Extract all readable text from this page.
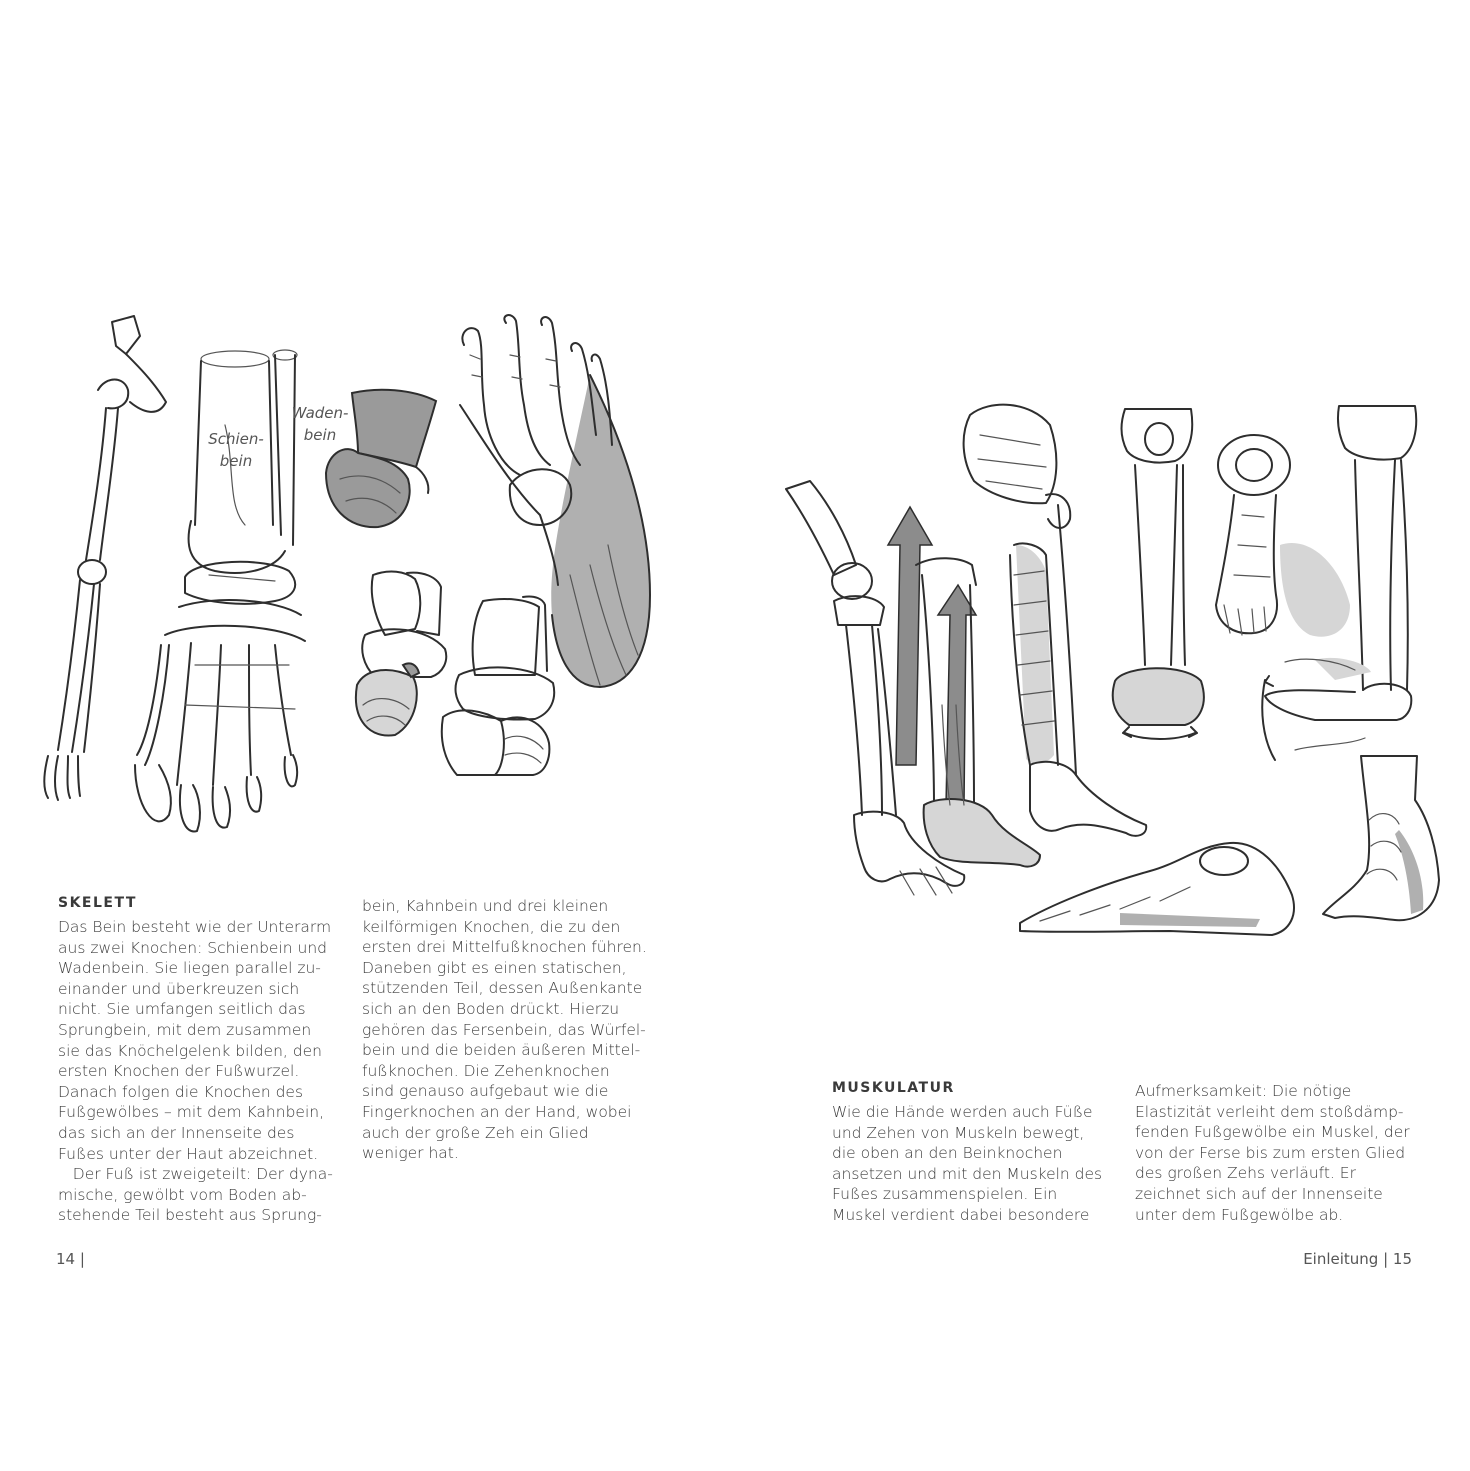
Schien-
bein

Waden-
bein

SKELETT
Das Bein besteht wie der Unterarm
aus zwei Knochen: Schienbein und
Wadenbein. Sie liegen parallel zu-
einander und überkreuzen sich
nicht. Sie umfangen seitlich das
Sprungbein, mit dem zusammen
sie das Knöchelgelenk bilden, den
ersten Knochen der Fußwurzel.
Danach folgen die Knochen des
Fußgewölbes – mit dem Kahnbein,
das sich an der Innenseite des
Fußes unter der Haut abzeichnet.
Der Fuß ist zweigeteilt: Der dyna-
mische, gewölbt vom Boden ab-
stehende Teil besteht aus Sprung-
bein, Kahnbein und drei kleinen
keilförmigen Knochen, die zu den
ersten drei Mittelfußknochen führen.
Daneben gibt es einen statischen,
stützenden Teil, dessen Außenkante
sich an den Boden drückt. Hierzu
gehören das Fersenbein, das Würfel-
bein und die beiden äußeren Mittel-
fußknochen. Die Zehenknochen
sind genauso aufgebaut wie die
Fingerknochen an der Hand, wobei
auch der große Zeh ein Glied
weniger hat.

14 |

MUSKULATUR
Wie die Hände werden auch Füße
und Zehen von Muskeln bewegt,
die oben an den Beinknochen
ansetzen und mit den Muskeln des
Fußes zusammenspielen. Ein
Muskel verdient dabei besondere
Aufmerksamkeit: Die nötige
Elastizität verleiht dem stoßdämp-
fenden Fußgewölbe ein Muskel, der
von der Ferse bis zum ersten Glied
des großen Zehs verläuft. Er
zeichnet sich auf der Innenseite
unter dem Fußgewölbe ab.

Einleitung | 15
